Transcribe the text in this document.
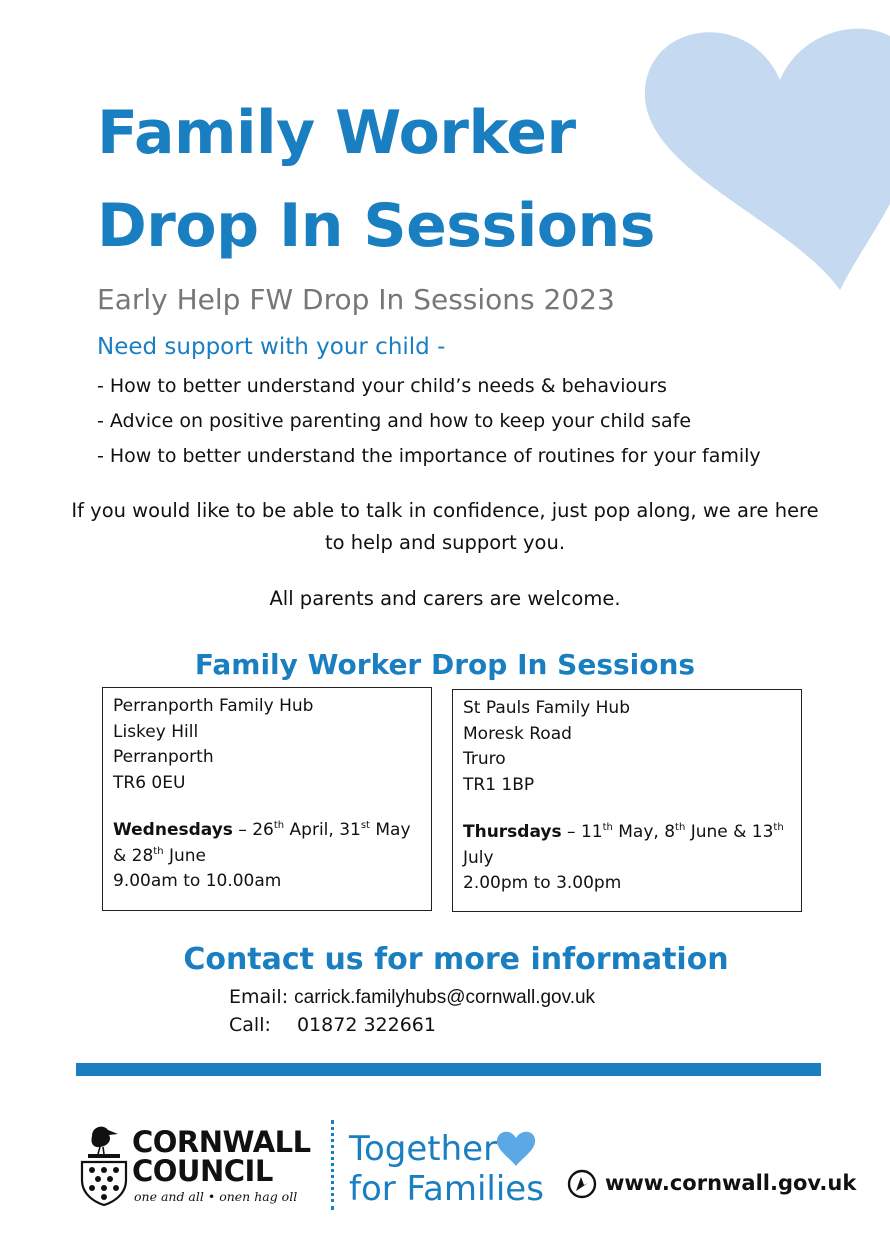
Family Worker
Drop In Sessions
Early Help FW Drop In Sessions 2023
Need support with your child -
- How to better understand your child’s needs & behaviours
- Advice on positive parenting and how to keep your child safe
- How to better understand the importance of routines for your family
If you would like to be able to talk in confidence, just pop along, we are here
to help and support you.
All parents and carers are welcome.
Family Worker Drop In Sessions
Perranporth Family Hub
Liskey Hill
Perranporth
TR6 0EU
Wednesdays – 26th April, 31st May
& 28th June
9.00am to 10.00am
St Pauls Family Hub
Moresk Road
Truro
TR1 1BP
Thursdays – 11th May, 8th June & 13th
July
2.00pm to 3.00pm
Contact us for more information
Email: carrick.familyhubs@cornwall.gov.uk
Call: 01872 322661
CORNWALL
COUNCIL
one and all • onen hag oll
Together
for Families	www.cornwall.gov.uk
